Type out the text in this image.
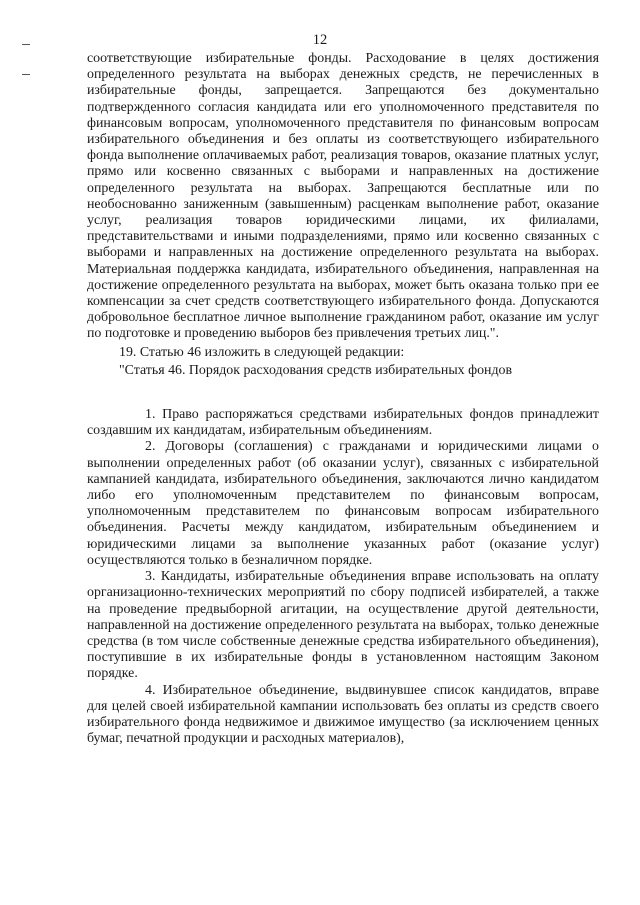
12

соответствующие избирательные фонды. Расходование в целях достижения определенного результата на выборах денежных средств, не перечисленных в избирательные фонды, запрещается. Запрещаются без документально подтвержденного согласия кандидата или его уполномоченного представителя по финансовым вопросам, уполномоченного представителя по финансовым вопросам избирательного объединения и без оплаты из соответствующего избирательного фонда выполнение оплачиваемых работ, реализация товаров, оказание платных услуг, прямо или косвенно связанных с выборами и направленных на достижение определенного результата на выборах. Запрещаются бесплатные или по необоснованно заниженным (завышенным) расценкам выполнение работ, оказание услуг, реализация товаров юридическими лицами, их филиалами, представительствами и иными подразделениями, прямо или косвенно связанных с выборами и направленных на достижение определенного результата на выборах. Материальная поддержка кандидата, избирательного объединения, направленная на достижение определенного результата на выборах, может быть оказана только при ее компенсации за счет средств соответствующего избирательного фонда. Допускаются добровольное бесплатное личное выполнение гражданином работ, оказание им услуг по подготовке и проведению выборов без привлечения третьих лиц.".

19. Статью 46 изложить в следующей редакции:

"Статья 46. Порядок расходования средств избирательных фондов

1. Право распоряжаться средствами избирательных фондов принадлежит создавшим их кандидатам, избирательным объединениям.

2. Договоры (соглашения) с гражданами и юридическими лицами о выполнении определенных работ (об оказании услуг), связанных с избирательной кампанией кандидата, избирательного объединения, заключаются лично кандидатом либо его уполномоченным представителем по финансовым вопросам, уполномоченным представителем по финансовым вопросам избирательного объединения. Расчеты между кандидатом, избирательным объединением и юридическими лицами за выполнение указанных работ (оказание услуг) осуществляются только в безналичном порядке.

3. Кандидаты, избирательные объединения вправе использовать на оплату организационно-технических мероприятий по сбору подписей избирателей, а также на проведение предвыборной агитации, на осуществление другой деятельности, направленной на достижение определенного результата на выборах, только денежные средства (в том числе собственные денежные средства избирательного объединения), поступившие в их избирательные фонды в установленном настоящим Законом порядке.

4. Избирательное объединение, выдвинувшее список кандидатов, вправе для целей своей избирательной кампании использовать без оплаты из средств своего избирательного фонда недвижимое и движимое имущество (за исключением ценных бумаг, печатной продукции и расходных материалов),
